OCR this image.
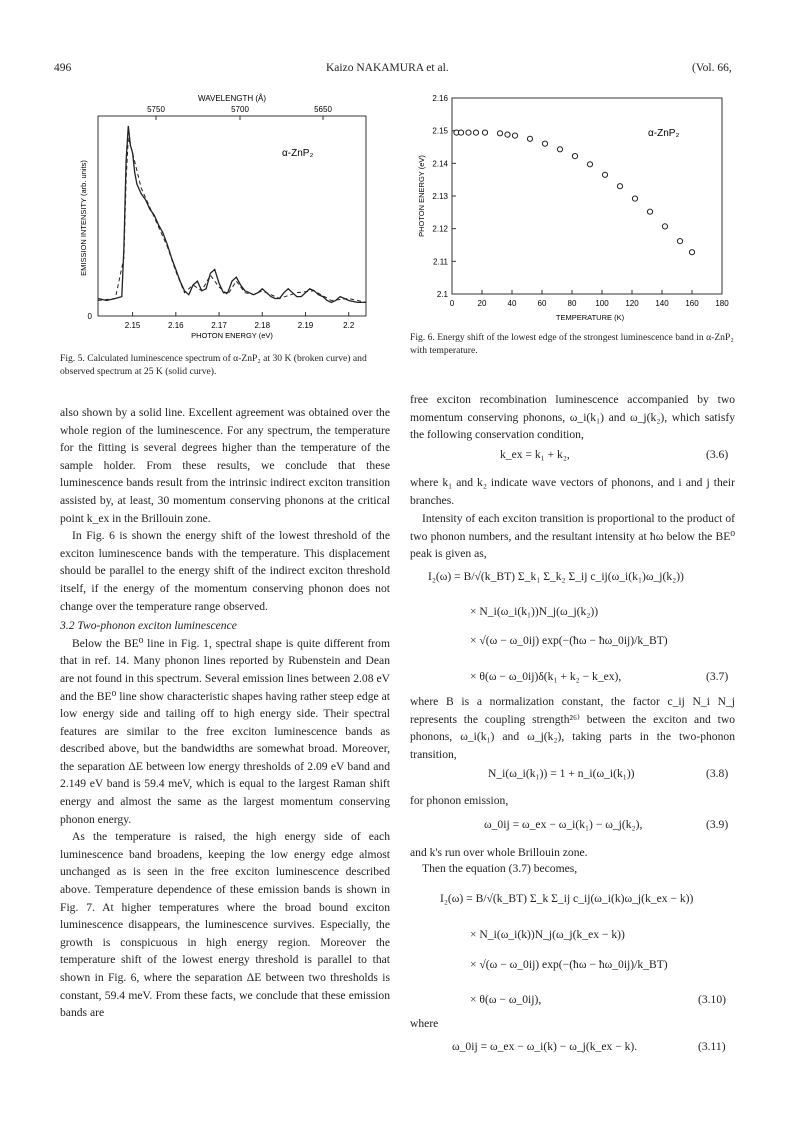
496	Kaizo NAKAMURA et al.	(Vol. 66,
WAVELENGTH (Å)
5750	5700	5650
0
EMISSION INTENSITY (arb. units)
α-ZnP₂
PHOTON ENERGY (eV)
2.15	2.16	2.17	2.18	2.19	2.2
Fig. 5. Calculated luminescence spectrum of α-ZnP₂ at 30 K (broken curve) and observed spectrum at 25 K (solid curve).
PHOTON ENERGY (eV)
TEMPERATURE (K)
α-ZnP₂
0	20	40	60	80 100 120 140 160 180
2.16
2.15
2.14
2.13
2.12
2.11
2.1
Fig. 6. Energy shift of the lowest edge of the strongest luminescence band in α-ZnP₂ with temperature.

also shown by a solid line. Excellent agreement was obtained over the whole region of the luminescence. For any spectrum, the temperature for the fitting is several degrees higher than the temperature of the sample holder. From these results, we conclude that these luminescence bands result from the intrinsic indirect exciton transition assisted by, at least, 30 momentum conserving phonons at the critical point k_ex in the Brillouin zone.

In Fig. 6 is shown the energy shift of the lowest threshold of the exciton luminescence bands with the temperature. This displacement should be parallel to the energy shift of the indirect exciton threshold itself, if the energy of the momentum conserving phonon does not change over the temperature range observed.

3.2 Two-phonon exciton luminescence

Below the BE⁰ line in Fig. 1, spectral shape is quite different from that in ref. 14. Many phonon lines reported by Rubenstein and Dean are not found in this spectrum. Several emission lines between 2.08 eV and the BE⁰ line show characteristic shapes having rather steep edge at low energy side and tailing off to high energy side. Their spectral features are similar to the free exciton luminescence bands as described above, but the bandwidths are somewhat broad. Moreover, the separation ΔE between low energy thresholds of 2.09 eV band and 2.149 eV band is 59.4 meV, which is equal to the largest Raman shift energy and almost the same as the largest momentum conserving phonon energy.

As the temperature is raised, the high energy side of each luminescence band broadens, keeping the low energy edge almost unchanged as is seen in the free exciton luminescence described above. Temperature dependence of these emission bands is shown in Fig. 7. At higher temperatures where the broad bound exciton luminescence disappears, the luminescence survives. Especially, the growth is conspicuous in high energy region. Moreover the temperature shift of the lowest energy threshold is parallel to that shown in Fig. 6, where the separation ΔE between two thresholds is constant, 59.4 meV. From these facts, we conclude that these emission bands are

free exciton recombination luminescence accompanied by two momentum conserving phonons, ω_i(k₁) and ω_j(k₂), which satisfy the following conservation condition,
k_ex = k₁ + k₂,	(3.6)
where k₁ and k₂ indicate wave vectors of phonons, and i and j their branches.
Intensity of each exciton transition is proportional to the product of two phonon numbers, and the resultant intensity at ħω below the BE⁰ peak is given as,
I₂(ω) = B/√(k_BT) Σ_k₁ Σ_k₂ Σ_ij c_ij(ω_i(k₁)ω_j(k₂))
× N_i(ω_i(k₁))N_j(ω_j(k₂))
× √(ω − ω_0ij) exp(−(ħω − ħω_0ij)/k_BT)
× θ(ω − ω_0ij)δ(k₁ + k₂ − k_ex),	(3.7)
where B is a normalization constant, the factor c_ij N_i N_j represents the coupling strength²⁶⁾ between the exciton and two phonons, ω_i(k₁) and ω_j(k₂), taking parts in the two-phonon transition,
N_i(ω_i(k₁)) = 1 + n_i(ω_i(k₁))	(3.8)
for phonon emission,
ω_0ij = ω_ex − ω_i(k₁) − ω_j(k₂),	(3.9)
and k's run over whole Brillouin zone.
Then the equation (3.7) becomes,
I₂(ω) = B/√(k_BT) Σ_k Σ_ij c_ij(ω_i(k)ω_j(k_ex − k))
× N_i(ω_i(k))N_j(ω_j(k_ex − k))
× √(ω − ω_0ij) exp(−(ħω − ħω_0ij)/k_BT)
× θ(ω − ω_0ij),	(3.10)
where
ω_0ij = ω_ex − ω_i(k) − ω_j(k_ex − k).	(3.11)
